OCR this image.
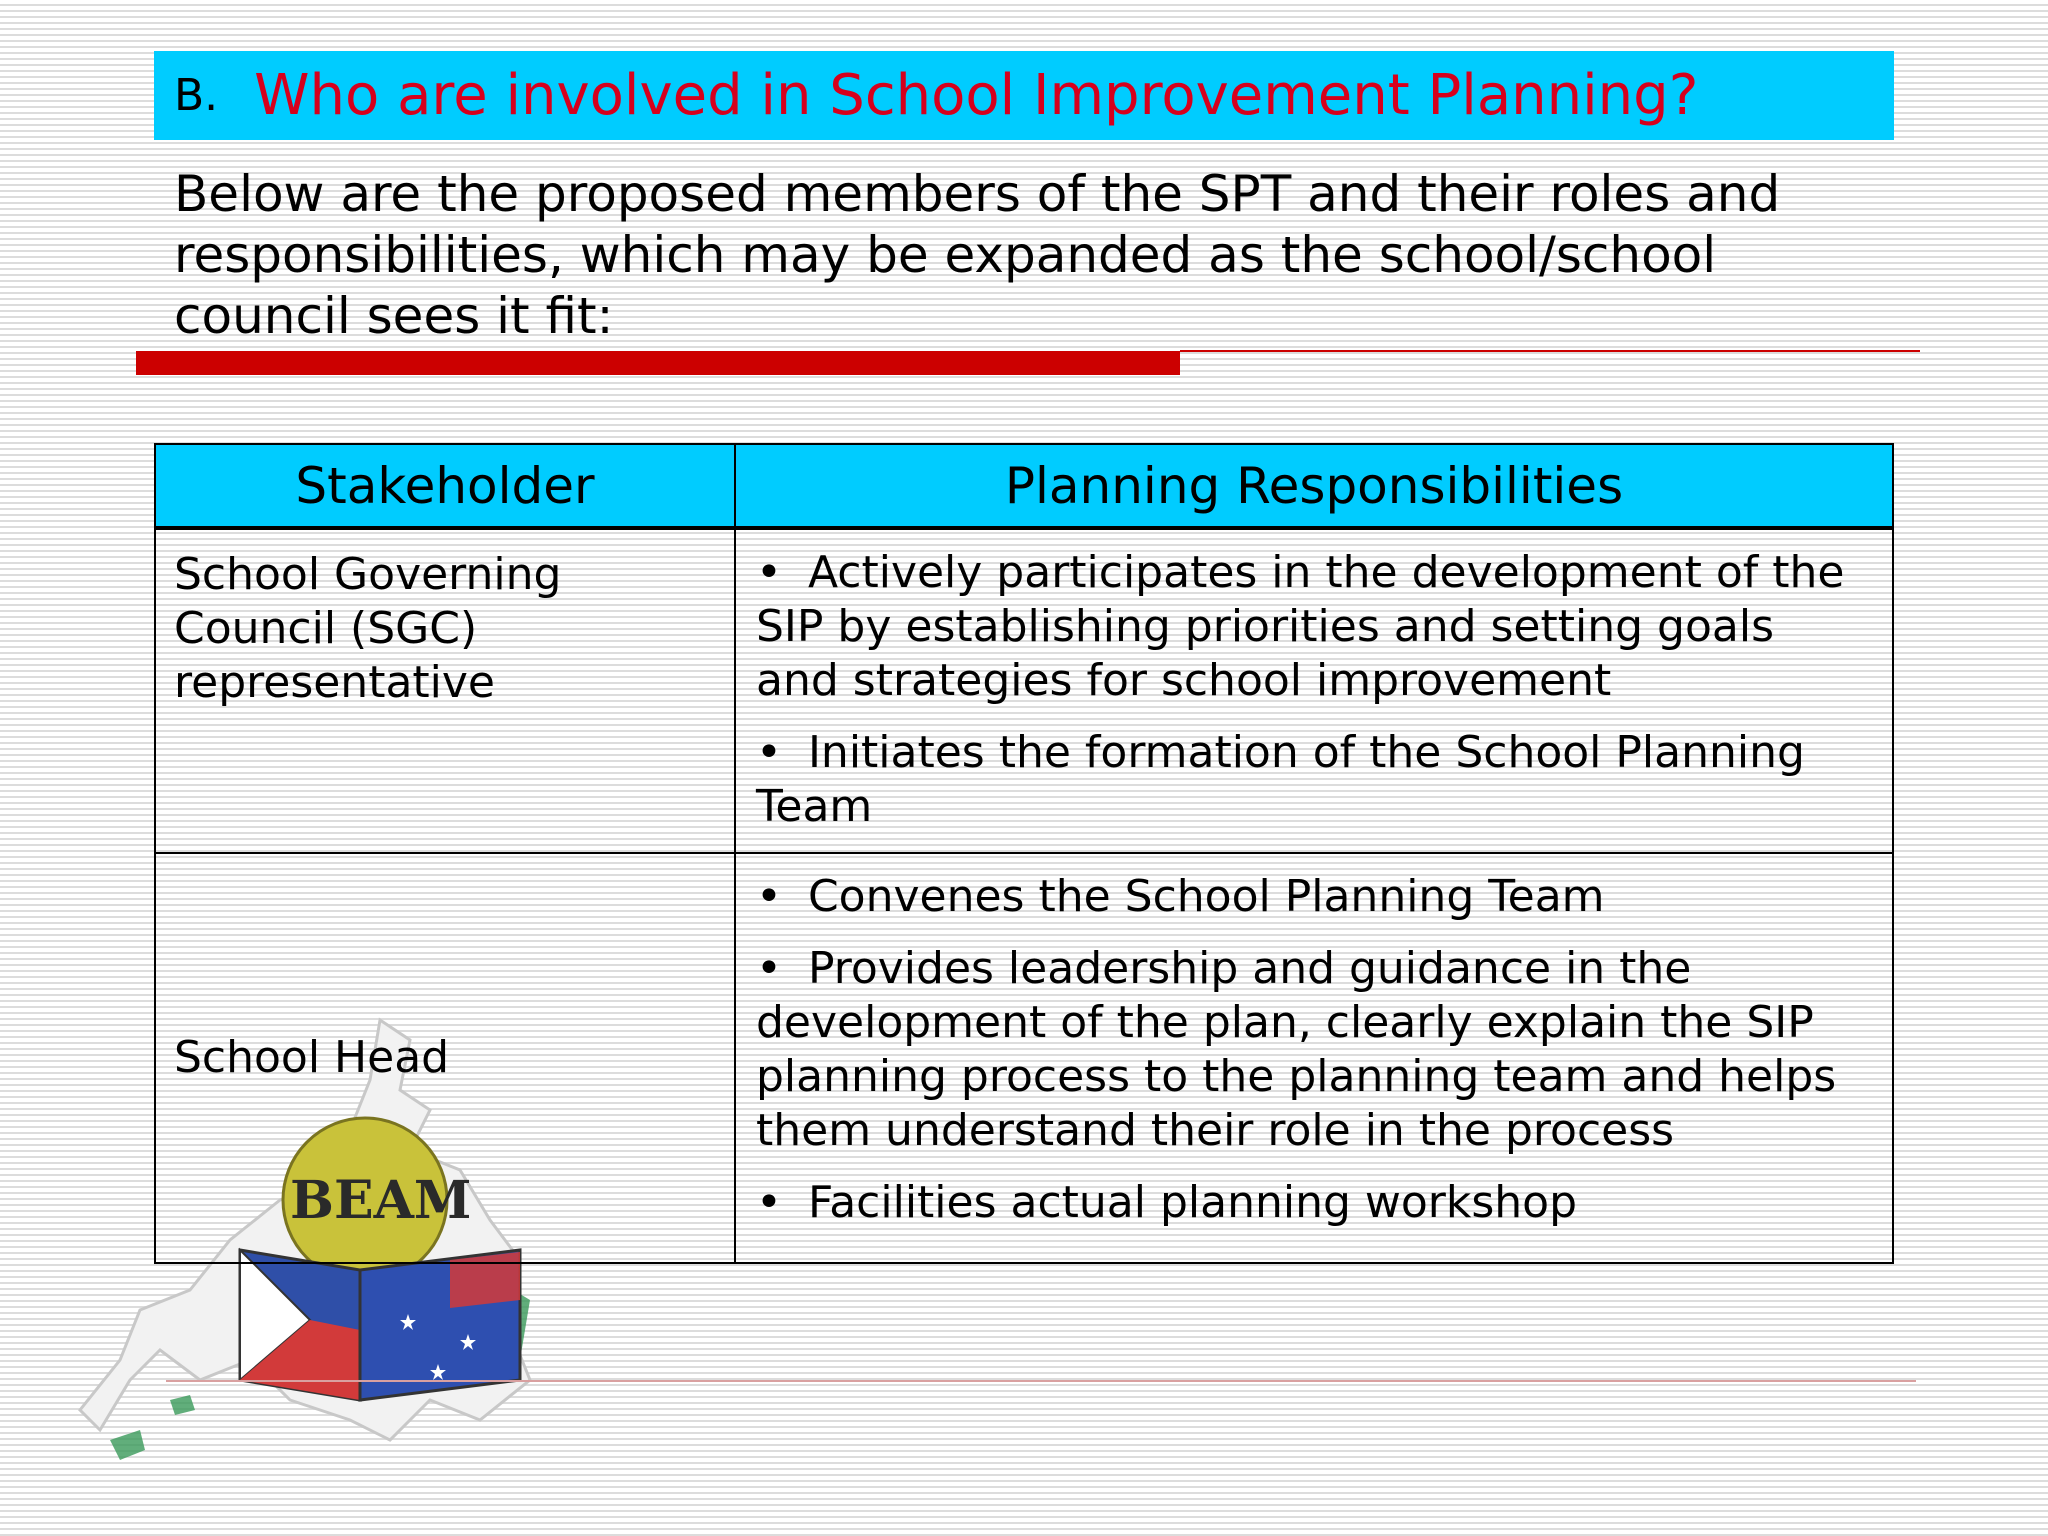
B. Who are involved in School Improvement Planning?

Below are the proposed members of the SPT and their roles and responsibilities, which may be expanded as the school/school council sees it fit:

BEAM
Stakeholder	Planning Responsibilities
School Governing Council (SGC) representative	• Actively participates in the development of the SIP by establishing priorities and setting goals and strategies for school improvement
• Initiates the formation of the School Planning Team

School Head	• Convenes the School Planning Team
• Provides leadership and guidance in the development of the plan, clearly explain the SIP planning process to the planning team and helps them understand their role in the process
• Facilities actual planning workshop
